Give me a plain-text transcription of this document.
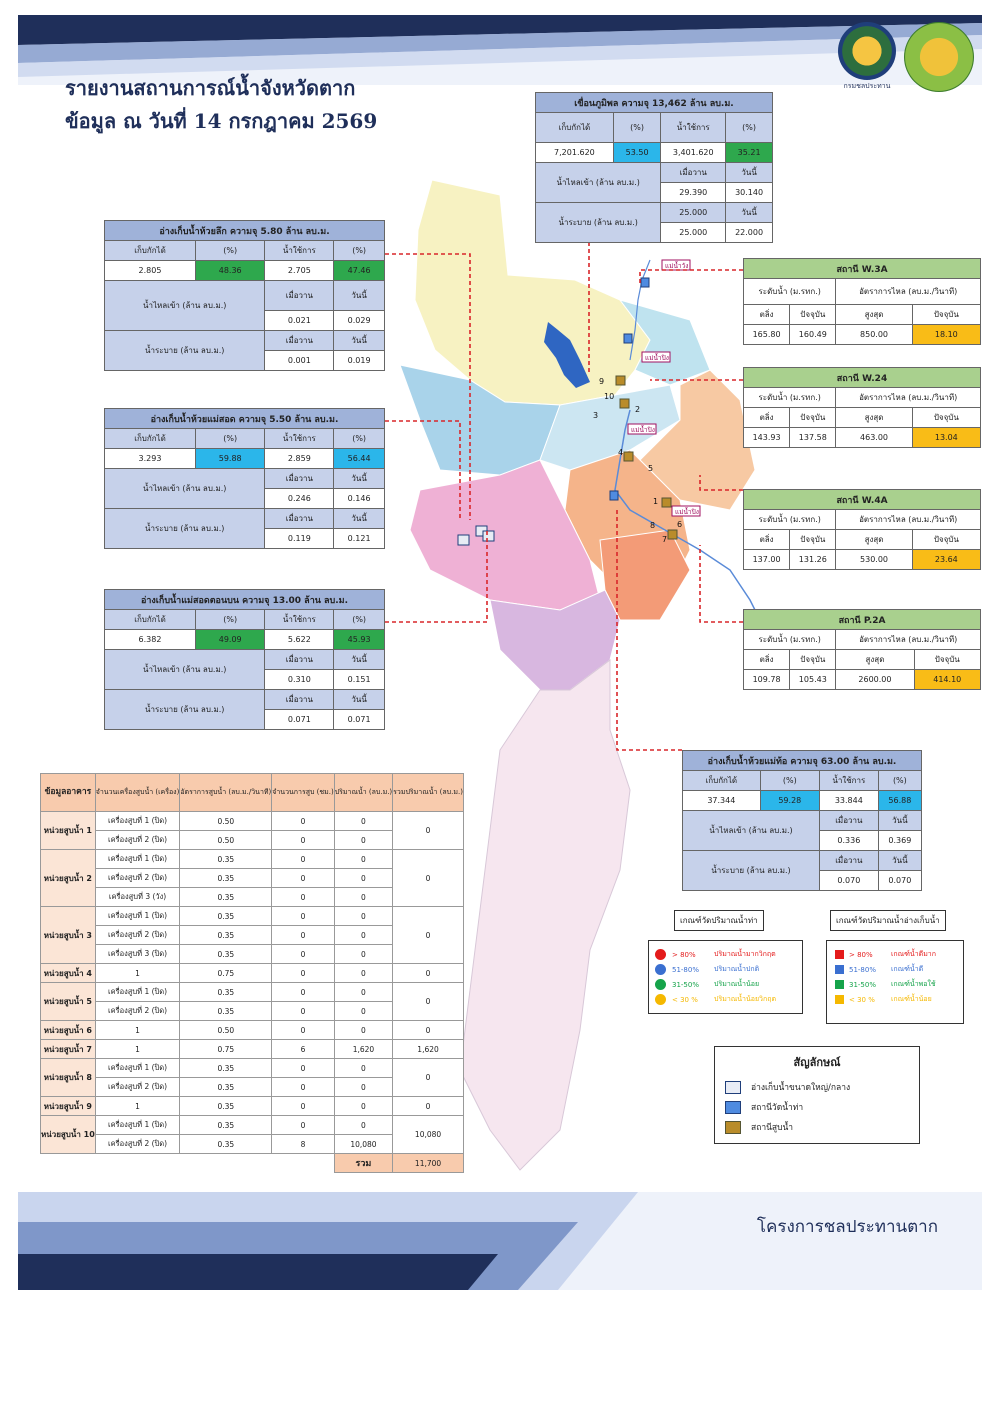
รายงานสถานการณ์น้ำจังหวัดตาก
ข้อมูล ณ วันที่ 14 กรกฎาคม 2569
กรมชลประทาน
แม่น้ำวัง
แม่น้ำปิง
แม่น้ำปิง
แม่น้ำปิง
9
10
3
2
4
5
1
8	6
7
เขื่อนภูมิพล ความจุ 13,462 ล้าน ลบ.ม.			
เก็บกักได้	(%)	น้ำใช้การ	(%)
7,201.620	53.50	3,401.620	35.21
น้ำไหลเข้า (ล้าน ลบ.ม.)		เมื่อวาน	วันนี้
		29.390	30.140
น้ำระบาย (ล้าน ลบ.ม.)		25.000	วันนี้
		25.000	22.000
อ่างเก็บน้ำห้วยลึก ความจุ 5.80 ล้าน ลบ.ม.			
เก็บกักได้	(%)	น้ำใช้การ	(%)
2.805	48.36	2.705	47.46
น้ำไหลเข้า (ล้าน ลบ.ม.)		เมื่อวาน	วันนี้
		0.021	0.029
น้ำระบาย (ล้าน ลบ.ม.)		เมื่อวาน	วันนี้
		0.001	0.019
อ่างเก็บน้ำห้วยแม่สอด ความจุ 5.50 ล้าน ลบ.ม.			
เก็บกักได้	(%)	น้ำใช้การ	(%)
3.293	59.88	2.859	56.44
น้ำไหลเข้า (ล้าน ลบ.ม.)		เมื่อวาน	วันนี้
		0.246	0.146
น้ำระบาย (ล้าน ลบ.ม.)		เมื่อวาน	วันนี้
		0.119	0.121
อ่างเก็บน้ำแม่สอดตอนบน ความจุ 13.00 ล้าน ลบ.ม.			
เก็บกักได้	(%)	น้ำใช้การ	(%)
6.382	49.09	5.622	45.93
น้ำไหลเข้า (ล้าน ลบ.ม.)		เมื่อวาน	วันนี้
		0.310	0.151
น้ำระบาย (ล้าน ลบ.ม.)		เมื่อวาน	วันนี้
		0.071	0.071
อ่างเก็บน้ำห้วยแม่ท้อ ความจุ 63.00 ล้าน ลบ.ม.			
เก็บกักได้	(%)	น้ำใช้การ	(%)
37.344	59.28	33.844	56.88
น้ำไหลเข้า (ล้าน ลบ.ม.)		เมื่อวาน	วันนี้
		0.336	0.369
น้ำระบาย (ล้าน ลบ.ม.)		เมื่อวาน	วันนี้
		0.070	0.070
สถานี W.3A			
ระดับน้ำ (ม.รทก.)		อัตราการไหล (ลบ.ม./วินาที)	
ตลิ่ง	ปัจจุบัน	สูงสุด	ปัจจุบัน
165.80	160.49	850.00	18.10
สถานี W.24			
ระดับน้ำ (ม.รทก.)		อัตราการไหล (ลบ.ม./วินาที)	
ตลิ่ง	ปัจจุบัน	สูงสุด	ปัจจุบัน
143.93	137.58	463.00	13.04
สถานี W.4A			
ระดับน้ำ (ม.รทก.)		อัตราการไหล (ลบ.ม./วินาที)	
ตลิ่ง	ปัจจุบัน	สูงสุด	ปัจจุบัน
137.00	131.26	530.00	23.64
สถานี P.2A			
ระดับน้ำ (ม.รทก.)		อัตราการไหล (ลบ.ม./วินาที)	
ตลิ่ง	ปัจจุบัน	สูงสุด	ปัจจุบัน
109.78	105.43	2600.00	414.10
ข้อมูลอาคาร	จำนวนเครื่องสูบน้ำ (เครื่อง)	อัตราการสูบน้ำ (ลบ.ม./วินาที)	จำนวนการสูบ (ชม.)	ปริมาณน้ำ (ลบ.ม.)	รวมปริมาณน้ำ (ลบ.ม.)
หน่วยสูบน้ำ 1	เครื่องสูบที่ 1 (ปิด)	0.50	0	0	0
	เครื่องสูบที่ 2 (ปิด)	0.50	0	0	
หน่วยสูบน้ำ 2	เครื่องสูบที่ 1 (ปิด)	0.35	0	0	0
	เครื่องสูบที่ 2 (ปิด)	0.35	0	0	
	เครื่องสูบที่ 3 (วัง)	0.35	0	0	
หน่วยสูบน้ำ 3	เครื่องสูบที่ 1 (ปิด)	0.35	0	0	0
	เครื่องสูบที่ 2 (ปิด)	0.35	0	0	
	เครื่องสูบที่ 3 (ปิด)	0.35	0	0	
หน่วยสูบน้ำ 4	1	0.75	0	0	0
หน่วยสูบน้ำ 5	เครื่องสูบที่ 1 (ปิด)	0.35	0	0	0
	เครื่องสูบที่ 2 (ปิด)	0.35	0	0	
หน่วยสูบน้ำ 6	1	0.50	0	0	0
หน่วยสูบน้ำ 7	1	0.75	6	1,620	1,620
หน่วยสูบน้ำ 8	เครื่องสูบที่ 1 (ปิด)	0.35	0	0	0
	เครื่องสูบที่ 2 (ปิด)	0.35	0	0	
หน่วยสูบน้ำ 9	1	0.35	0	0	0
หน่วยสูบน้ำ 10	เครื่องสูบที่ 1 (ปิด)	0.35	0	0	10,080
	เครื่องสูบที่ 2 (ปิด)	0.35	8	10,080	
				รวม	11,700
เกณฑ์วัดปริมาณน้ำท่า
> 80%	ปริมาณน้ำมากวิกฤต
51-80%	ปริมาณน้ำปกติ
31-50%	ปริมาณน้ำน้อย
< 30 %	ปริมาณน้ำน้อยวิกฤต
เกณฑ์วัดปริมาณน้ำอ่างเก็บน้ำ
> 80%	เกณฑ์น้ำดีมาก
51-80%	เกณฑ์น้ำดี
31-50%	เกณฑ์น้ำพอใช้
< 30 %	เกณฑ์น้ำน้อย
สัญลักษณ์
อ่างเก็บน้ำขนาดใหญ่/กลาง
สถานีวัดน้ำท่า
สถานีสูบน้ำ
โครงการชลประทานตาก
